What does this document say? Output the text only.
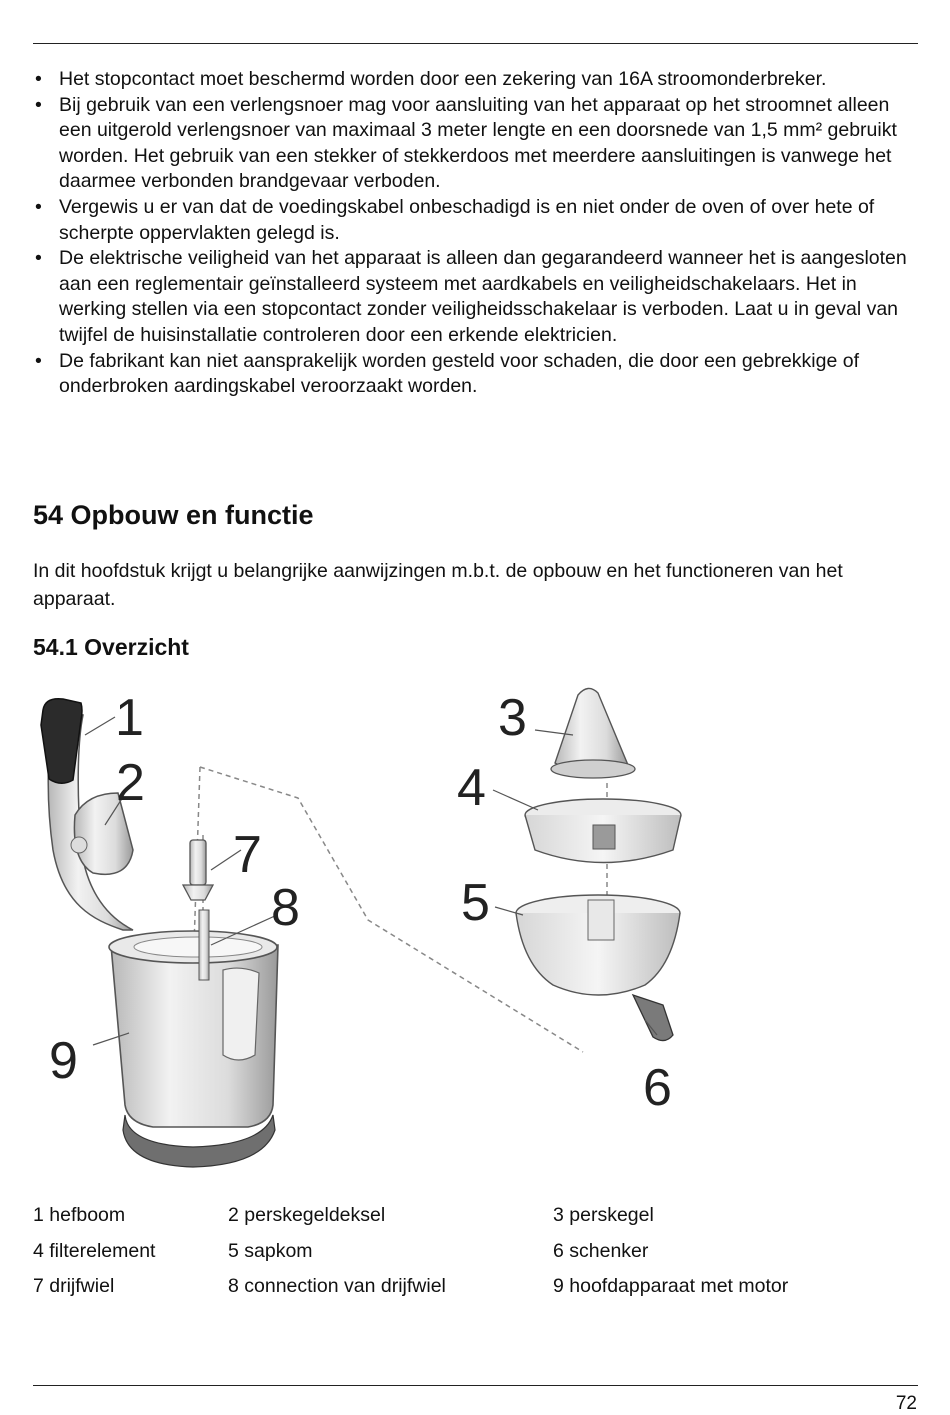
• Het stopcontact moet beschermd worden door een zekering van 16A stroomonderbreker.
• Bij gebruik van een verlengsnoer mag voor aansluiting van het apparaat op het stroomnet alleen een uitgerold verlengsnoer van maximaal 3 meter lengte en een doorsnede van 1,5 mm² gebruikt worden. Het gebruik van een stekker of stekkerdoos met meerdere aansluitingen is vanwege het daarmee verbonden brandgevaar verboden.
• Vergewis u er van dat de voedingskabel onbeschadigd is en niet onder de oven of over hete of scherpte oppervlakten gelegd is.
• De elektrische veiligheid van het apparaat is alleen dan gegarandeerd wanneer het is aangesloten aan een reglementair geïnstalleerd systeem met aardkabels en veiligheidschakelaars. Het in werking stellen via een stopcontact zonder veiligheidsschakelaar is verboden. Laat u in geval van twijfel de huisinstallatie controleren door een erkende elektricien.
• De fabrikant kan niet aansprakelijk worden gesteld voor schaden, die door een gebrekkige of onderbroken aardingskabel veroorzaakt worden.
54 Opbouw en functie

In dit hoofdstuk krijgt u belangrijke aanwijzingen m.b.t. de opbouw en het functioneren van het apparaat.

54.1 Overzicht
1
2
3
4
5
6
7
8
9
1 hefboom	2 perskegeldeksel	3 perskegel
4 filterelement	5 sapkom	6 schenker
7 drijfwiel	8 connection van drijfwiel	9 hoofdapparaat met motor
72
